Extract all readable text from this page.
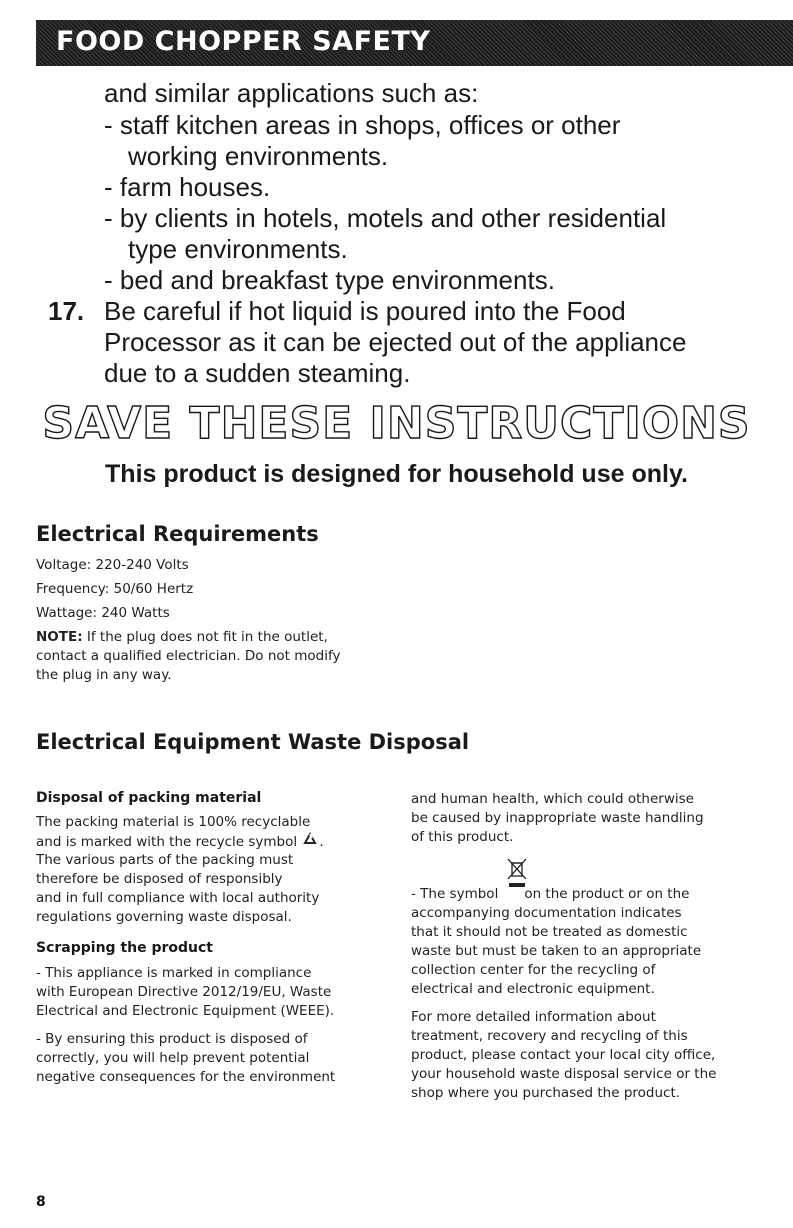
FOOD CHOPPER SAFETY
and similar applications such as:
- staff kitchen areas in shops, offices or other
working environments.
- farm houses.
- by clients in hotels, motels and other residential
type environments.
- bed and breakfast type environments.
17. Be careful if hot liquid is poured into the Food
Processor as it can be ejected out of the appliance
due to a sudden steaming.
SAVE THESE INSTRUCTIONS
This product is designed for household use only.
Electrical Requirements
Voltage: 220-240 Volts
Frequency: 50/60 Hertz
Wattage: 240 Watts
NOTE: If the plug does not fit in the outlet,
contact a qualified electrician. Do not modify
the plug in any way.
Electrical Equipment Waste Disposal
Disposal of packing material
The packing material is 100% recyclable
and is marked with the recycle symbol .
The various parts of the packing must
therefore be disposed of responsibly
and in full compliance with local authority
regulations governing waste disposal.
Scrapping the product
- This appliance is marked in compliance
with European Directive 2012/19/EU, Waste
Electrical and Electronic Equipment (WEEE).
- By ensuring this product is disposed of
correctly, you will help prevent potential
negative consequences for the environment
and human health, which could otherwise
be caused by inappropriate waste handling
of this product.
- The symbol on the product or on the
accompanying documentation indicates
that it should not be treated as domestic
waste but must be taken to an appropriate
collection center for the recycling of
electrical and electronic equipment.
For more detailed information about
treatment, recovery and recycling of this
product, please contact your local city office,
your household waste disposal service or the
shop where you purchased the product.
8
